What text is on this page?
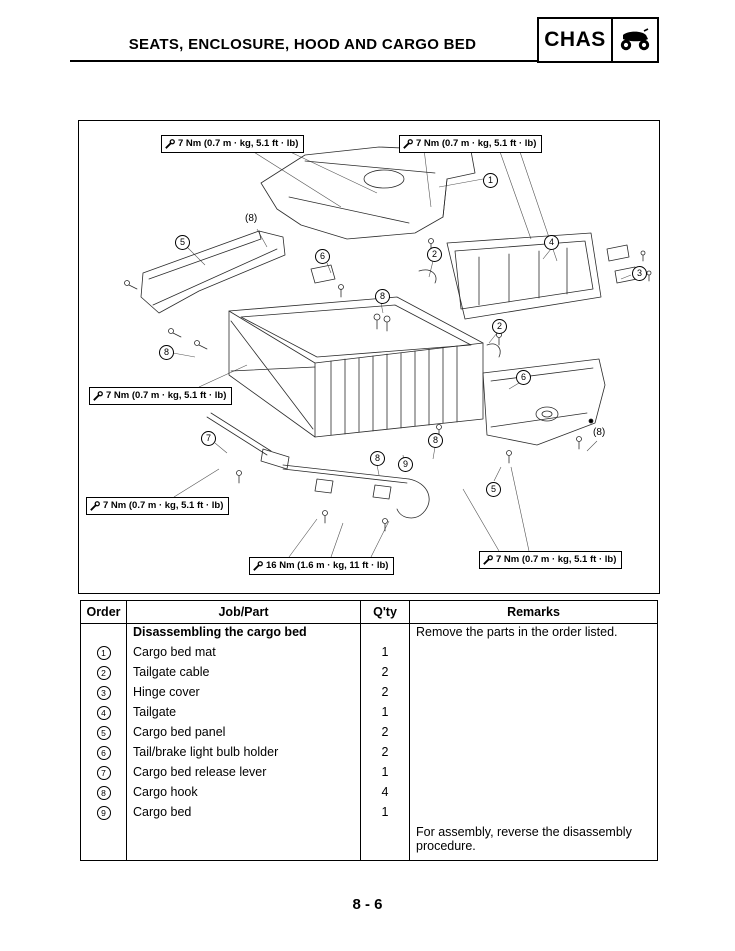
SEATS, ENCLOSURE, HOOD AND CARGO BED	CHAS
7 Nm (0.7 m · kg, 5.1 ft · lb)	7 Nm (0.7 m · kg, 5.1 ft · lb)
7 Nm (0.7 m · kg, 5.1 ft · lb)
7 Nm (0.7 m · kg, 5.1 ft · lb)
16 Nm (1.6 m · kg, 11 ft · lb)
7 Nm (0.7 m · kg, 5.1 ft · lb)
1
5
6	2
4
3
8
2
8
6
7
8
9
8
5
(8)
(8)
Order	Job/Part	Q'ty	Remarks
	Disassembling the cargo bed		Remove the parts in the order listed.
1	Cargo bed mat	1	
2	Tailgate cable	2	
3	Hinge cover	2	
4	Tailgate	1	
5	Cargo bed panel	2	
6	Tail/brake light bulb holder	2	
7	Cargo bed release lever	1	
8	Cargo hook	4	
9	Cargo bed	1	
			For assembly, reverse the disassembly procedure.
8 - 6
